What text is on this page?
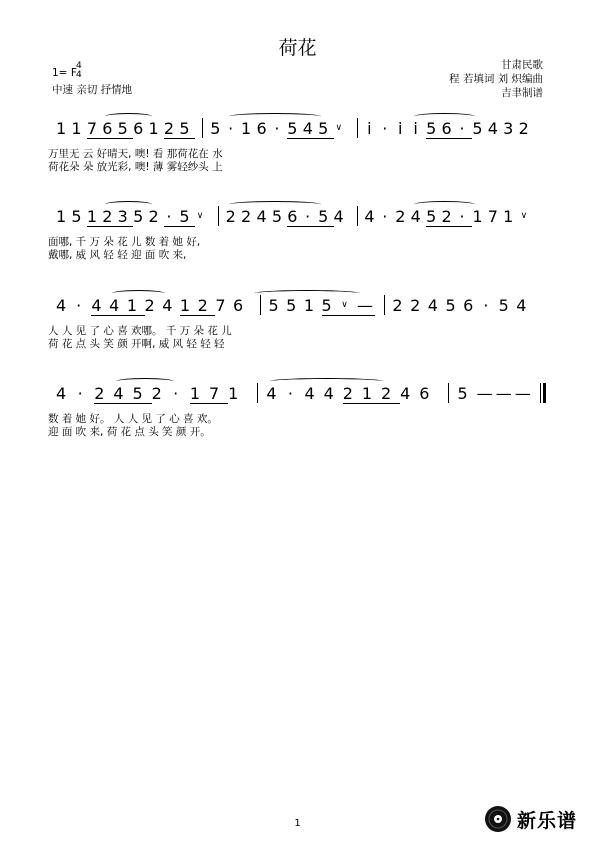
荷花
1= F
4
4
中速 亲切 抒情地
甘肃民歌
程 若填词 刘 炽编曲
吉聿制谱
1 1 7 6 5 6 1 2 5 5 · 1 6 · 5 4 5 ∨ i · i i 5 6 · 5 4 3 2
万里无 云 好晴天, 噢! 看 那荷花在 水
荷花朵 朵 放光彩, 噢! 薄 雾轻纱头 上
1 5 1 2 3 5 2 · 5 ∨ 2 2 4 5 6 · 5 4 4 · 2 4 5 2 · 1 7 1 ∨
面哪, 千 万 朵 花 儿 数 着 她 好,
戴哪, 威 风 轻 轻 迎 面 吹 来,
4 · 4 4 1 2 4 1 2 7 6 5 5 1 5 ∨ — 2 2 4 5 6 · 5 4
人 人 见 了 心 喜 欢哪。 千 万 朵 花 儿
荷 花 点 头 笑 颜 开啊, 威 风 轻 轻 轻
4 · 2 4 5 2 · 1 7 1 4 · 4 4 2 1 2 4 6 5 — — —
数 着 她 好。 人 人 见 了 心 喜 欢。
迎 面 吹 来, 荷 花 点 头 笑 颜 开。
1	新乐谱
